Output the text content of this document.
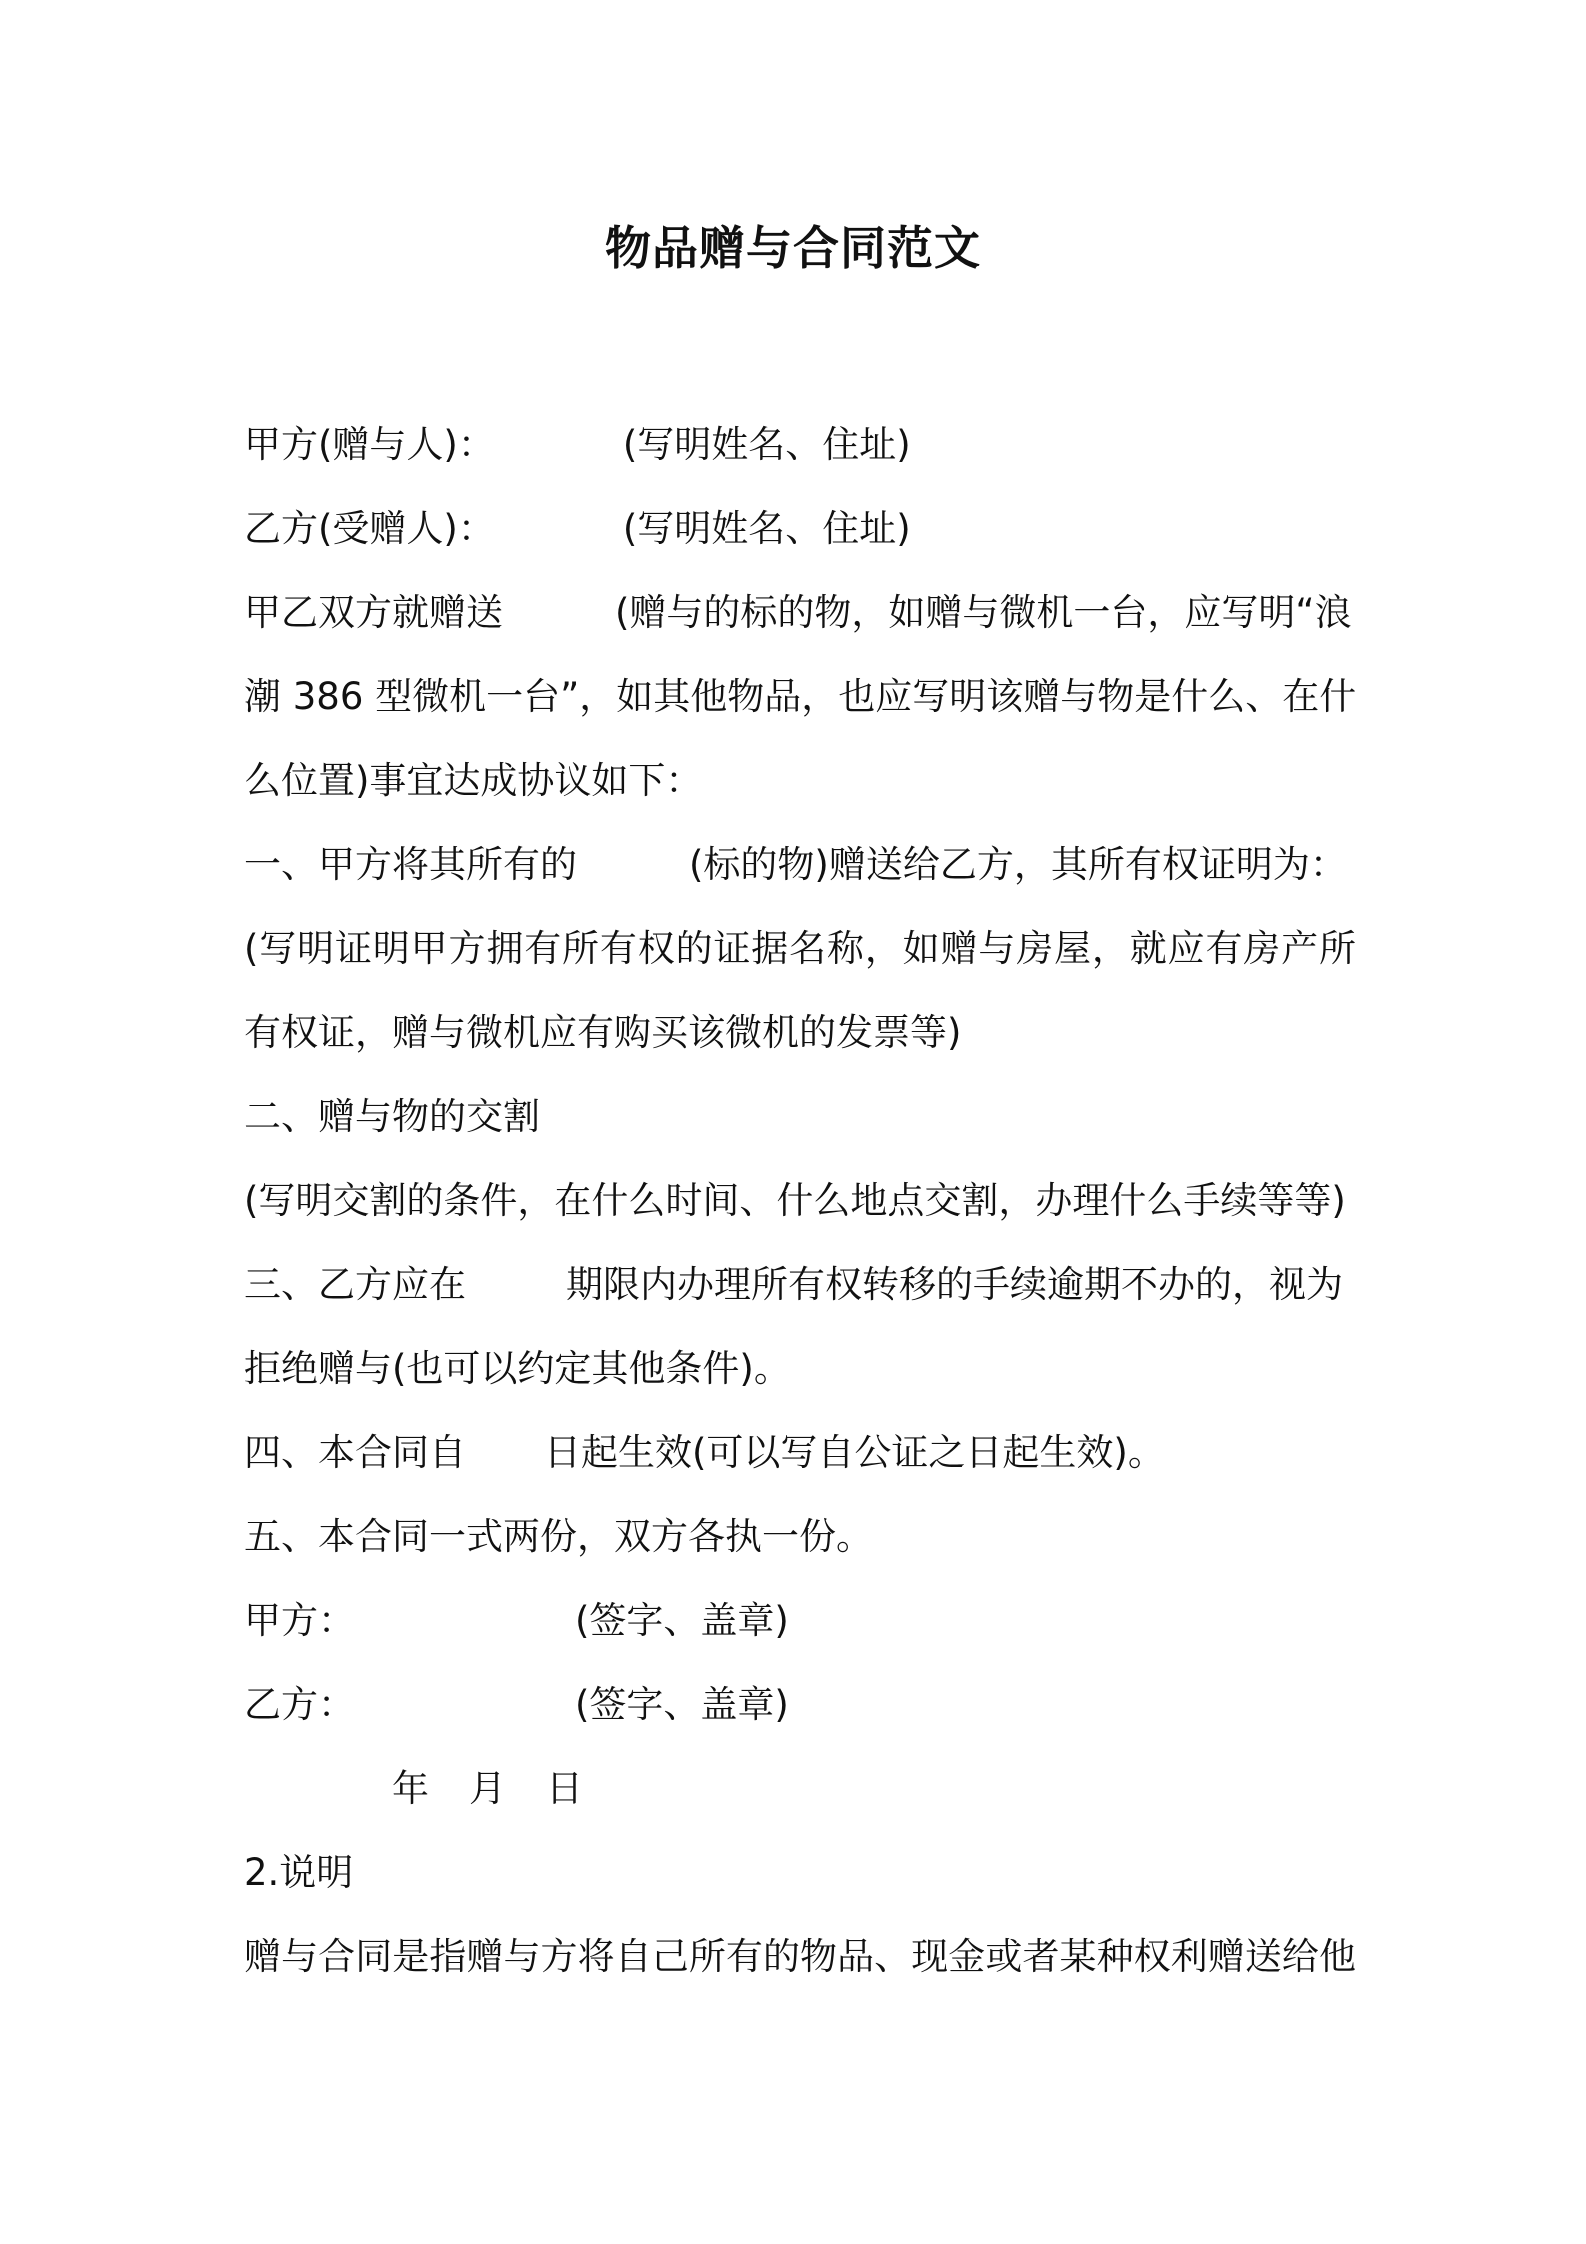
物品赠与合同范文
甲方(赠与人)：	(写明姓名、住址)
乙方(受赠人)：	(写明姓名、住址)
甲乙双方就赠送	(赠与的标的物，如赠与微机一台，应写明“浪
潮 386 型微机一台”，如其他物品，也应写明该赠与物是什么、在什
么位置)事宜达成协议如下：
一、甲方将其所有的	(标的物)赠送给乙方，其所有权证明为：
(写明证明甲方拥有所有权的证据名称，如赠与房屋，就应有房产所
有权证，赠与微机应有购买该微机的发票等)
二、赠与物的交割
(写明交割的条件，在什么时间、什么地点交割，办理什么手续等等)
三、乙方应在	期限内办理所有权转移的手续逾期不办的，视为
拒绝赠与(也可以约定其他条件)。
四、本合同自 日起生效(可以写自公证之日起生效)。
五、本合同一式两份，双方各执一份。
甲方：	(签字、盖章)
乙方：	(签字、盖章)
年 月 日
2.说明
赠与合同是指赠与方将自己所有的物品、现金或者某种权利赠送给他
